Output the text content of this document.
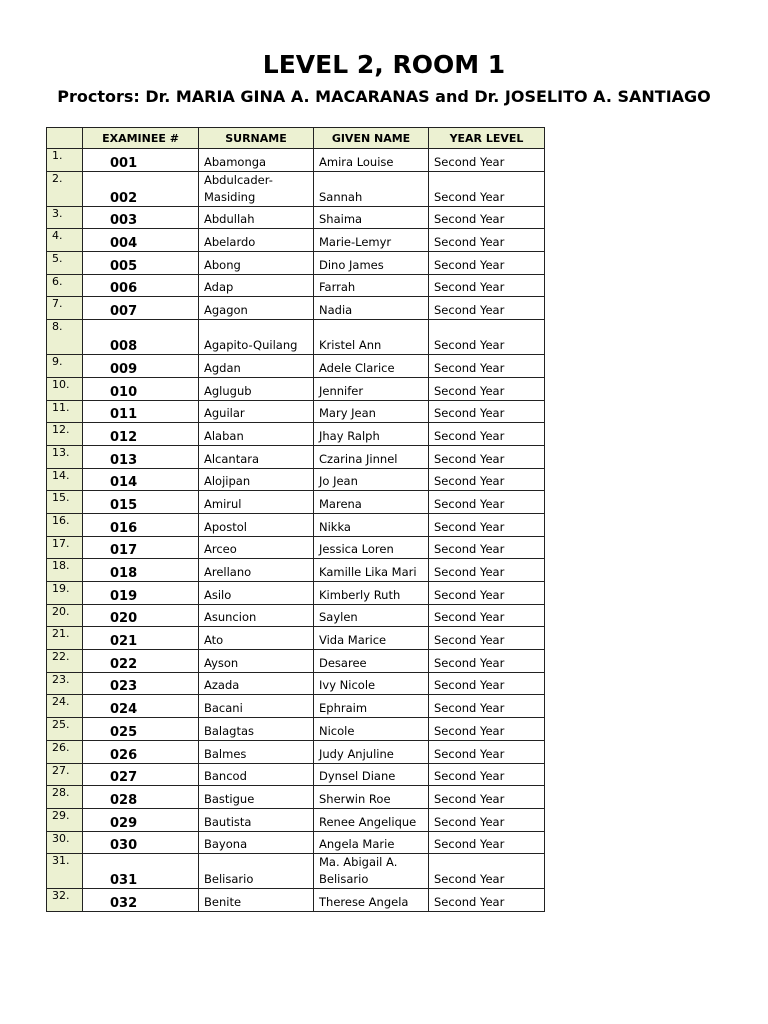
LEVEL 2, ROOM 1
Proctors: Dr. MARIA GINA A. MACARANAS and Dr. JOSELITO A. SANTIAGO
	EXAMINEE #	SURNAME	GIVEN NAME	YEAR LEVEL
1.	001	Abamonga	Amira Louise	Second Year
2.	002	Abdulcader-Masiding	Sannah	Second Year
3.	003	Abdullah	Shaima	Second Year
4.	004	Abelardo	Marie-Lemyr	Second Year
5.	005	Abong	Dino James	Second Year
6.	006	Adap	Farrah	Second Year
7.	007	Agagon	Nadia	Second Year
8.	008	Agapito-Quilang	Kristel Ann	Second Year
9.	009	Agdan	Adele Clarice	Second Year
10.	010	Aglugub	Jennifer	Second Year
11.	011	Aguilar	Mary Jean	Second Year
12.	012	Alaban	Jhay Ralph	Second Year
13.	013	Alcantara	Czarina Jinnel	Second Year
14.	014	Alojipan	Jo Jean	Second Year
15.	015	Amirul	Marena	Second Year
16.	016	Apostol	Nikka	Second Year
17.	017	Arceo	Jessica Loren	Second Year
18.	018	Arellano	Kamille Lika Mari	Second Year
19.	019	Asilo	Kimberly Ruth	Second Year
20.	020	Asuncion	Saylen	Second Year
21.	021	Ato	Vida Marice	Second Year
22.	022	Ayson	Desaree	Second Year
23.	023	Azada	Ivy Nicole	Second Year
24.	024	Bacani	Ephraim	Second Year
25.	025	Balagtas	Nicole	Second Year
26.	026	Balmes	Judy Anjuline	Second Year
27.	027	Bancod	Dynsel Diane	Second Year
28.	028	Bastigue	Sherwin Roe	Second Year
29.	029	Bautista	Renee Angelique	Second Year
30.	030	Bayona	Angela Marie	Second Year
31.	031	Belisario	Ma. Abigail A. Belisario	Second Year
32.	032	Benite	Therese Angela	Second Year
